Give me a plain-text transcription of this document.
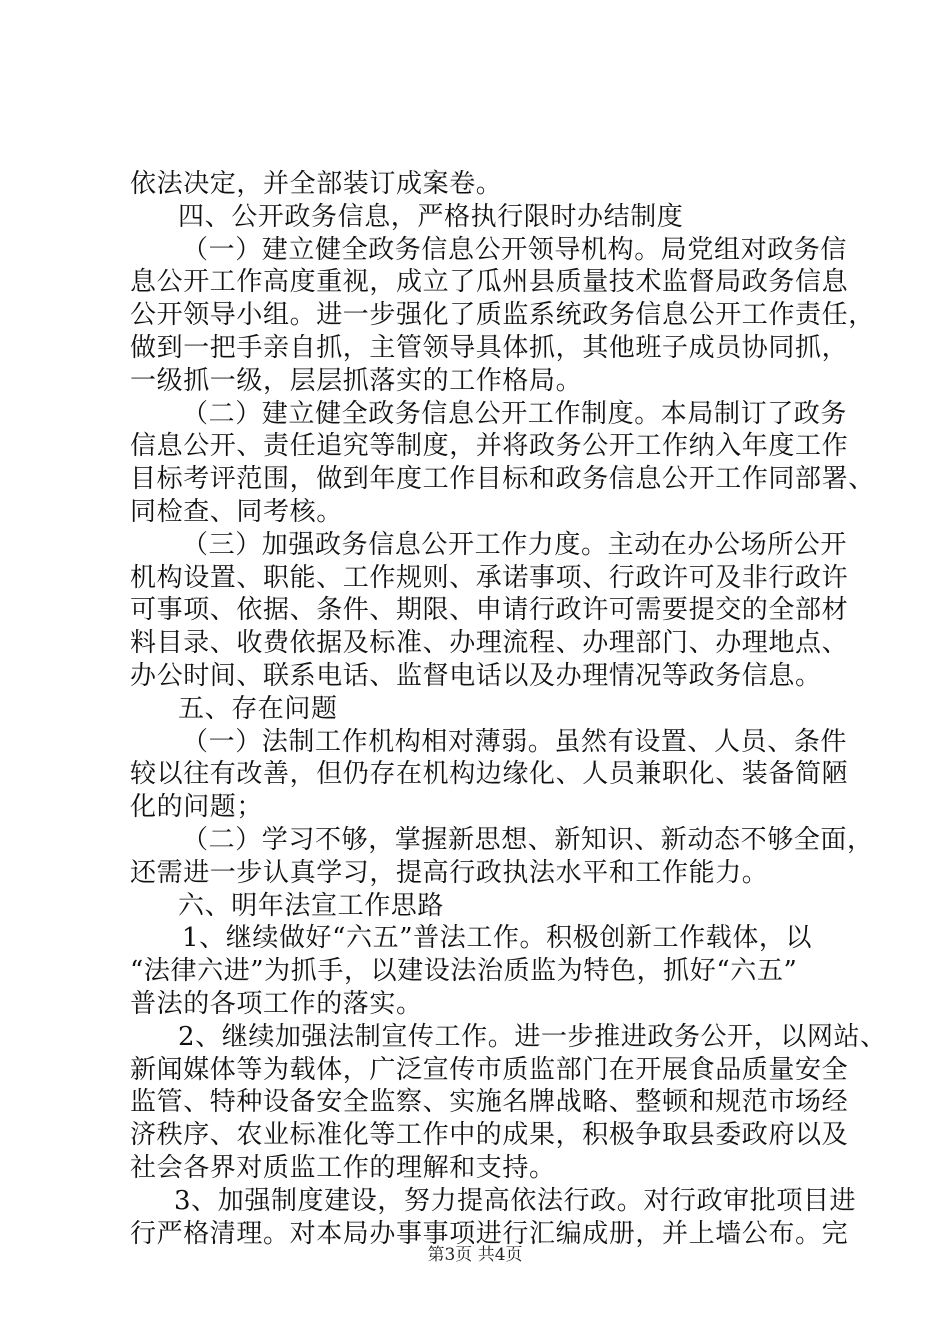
依法决定，并全部装订成案卷。
四、公开政务信息，严格执行限时办结制度
（一）建立健全政务信息公开领导机构。局党组对政务信
息公开工作高度重视，成立了瓜州县质量技术监督局政务信息
公开领导小组。进一步强化了质监系统政务信息公开工作责任，
做到一把手亲自抓，主管领导具体抓，其他班子成员协同抓，
一级抓一级，层层抓落实的工作格局。
（二）建立健全政务信息公开工作制度。本局制订了政务
信息公开、责任追究等制度，并将政务公开工作纳入年度工作
目标考评范围，做到年度工作目标和政务信息公开工作同部署、
同检查、同考核。
（三）加强政务信息公开工作力度。主动在办公场所公开
机构设置、职能、工作规则、承诺事项、行政许可及非行政许
可事项、依据、条件、期限、申请行政许可需要提交的全部材
料目录、收费依据及标准、办理流程、办理部门、办理地点、
办公时间、联系电话、监督电话以及办理情况等政务信息。
五、存在问题
（一）法制工作机构相对薄弱。虽然有设置、人员、条件
较以往有改善，但仍存在机构边缘化、人员兼职化、装备简陋
化的问题；
（二）学习不够，掌握新思想、新知识、新动态不够全面，
还需进一步认真学习，提高行政执法水平和工作能力。
六、明年法宣工作思路
1、继续做好“六五”普法工作。积极创新工作载体，以
“法律六进”为抓手，以建设法治质监为特色，抓好“六五”
普法的各项工作的落实。
2、继续加强法制宣传工作。进一步推进政务公开，以网站、
新闻媒体等为载体，广泛宣传市质监部门在开展食品质量安全
监管、特种设备安全监察、实施名牌战略、整顿和规范市场经
济秩序、农业标准化等工作中的成果，积极争取县委政府以及
社会各界对质监工作的理解和支持。
3、加强制度建设，努力提高依法行政。对行政审批项目进
行严格清理。对本局办事事项进行汇编成册，并上墙公布。完
第3页 共4页
